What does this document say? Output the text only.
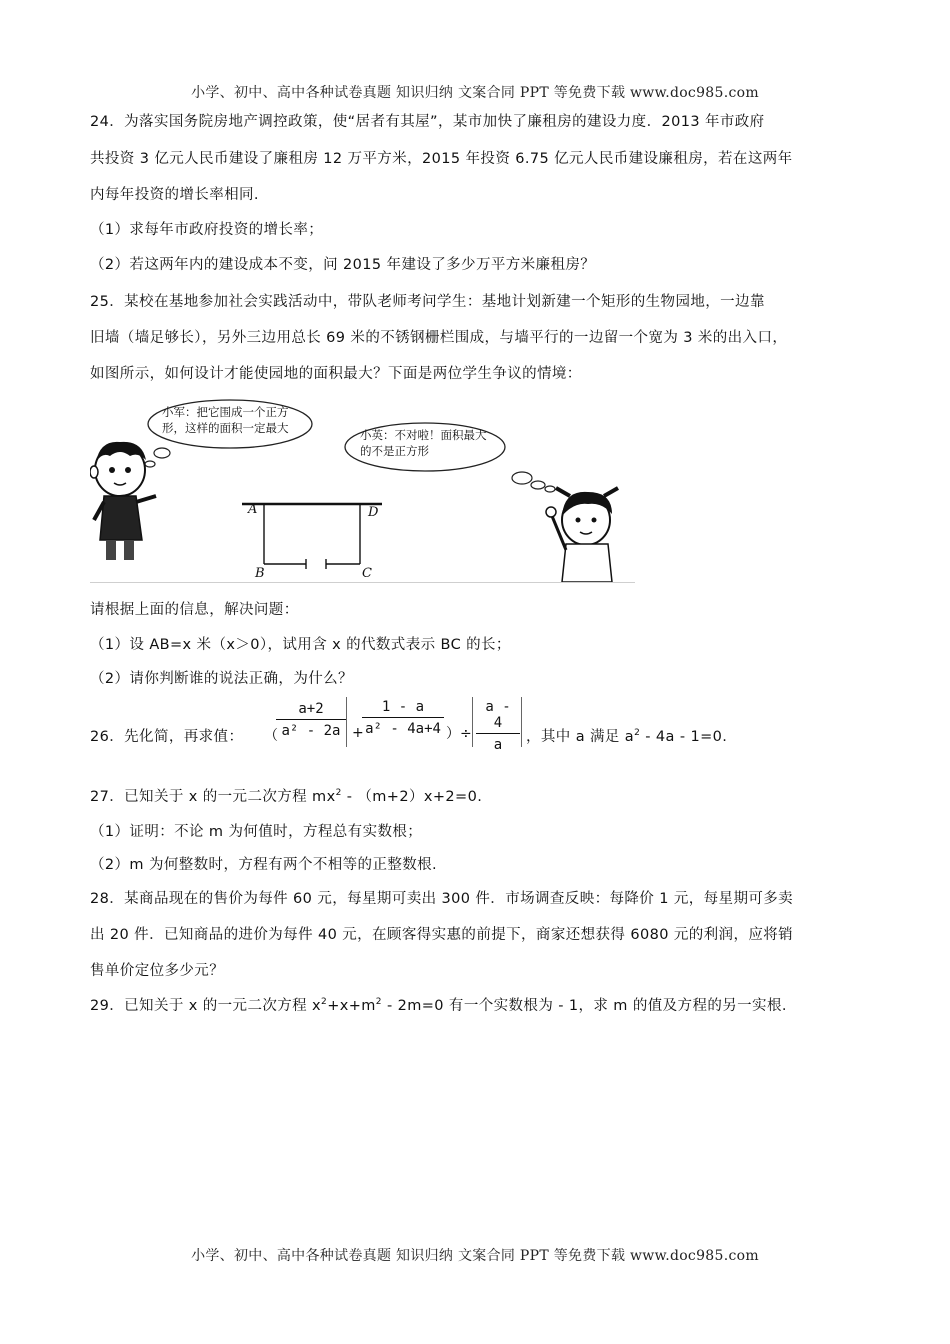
小学、初中、高中各种试卷真题 知识归纳 文案合同 PPT 等免费下载 www.doc985.com
24．为落实国务院房地产调控政策，使“居者有其屋”，某市加快了廉租房的建设力度．2013 年市政府
共投资 3 亿元人民币建设了廉租房 12 万平方米，2015 年投资 6.75 亿元人民币建设廉租房，若在这两年
内每年投资的增长率相同.
（1）求每年市政府投资的增长率；
（2）若这两年内的建设成本不变，问 2015 年建设了多少万平方米廉租房？
25．某校在基地参加社会实践活动中，带队老师考问学生：基地计划新建一个矩形的生物园地，一边靠
旧墙（墙足够长），另外三边用总长 69 米的不锈钢栅栏围成，与墙平行的一边留一个宽为 3 米的出入口，
如图所示，如何设计才能使园地的面积最大？下面是两位学生争议的情境：
小军：把它围成一个正方形，这样的面积一定最大	小英：不对啦！面积最大的不是正方形
A	D
B	C
请根据上面的信息，解决问题：
（1）设 AB=x 米（x＞0），试用含 x 的代数式表示 BC 的长；
（2）请你判断谁的说法正确，为什么？
26．先化简，再求值： （
$\frac{a+2}{\text{a² - 2a}}$ +
$\frac{1 - a}{\text{a² - 4a+4}}$ ）÷ $\frac{a - 4}{a}$ ，其中 a 满足 $a^2 - 4a - 1=0$.
27．已知关于 x 的一元二次方程 $mx^2 - (m+2)x+2=0$.
（1）证明：不论 m 为何值时，方程总有实数根；
（2）m 为何整数时，方程有两个不相等的正整数根.
28．某商品现在的售价为每件 60 元，每星期可卖出 300 件．市场调查反映：每降价 1 元，每星期可多卖
出 20 件．已知商品的进价为每件 40 元，在顾客得实惠的前提下，商家还想获得 6080 元的利润，应将销
售单价定位多少元？
29．已知关于 x 的一元二次方程 $x^2+x+m^2 - 2m=0$ 有一个实数根为 - 1，求 m 的值及方程的另一实根.
小学、初中、高中各种试卷真题 知识归纳 文案合同 PPT 等免费下载 www.doc985.com
